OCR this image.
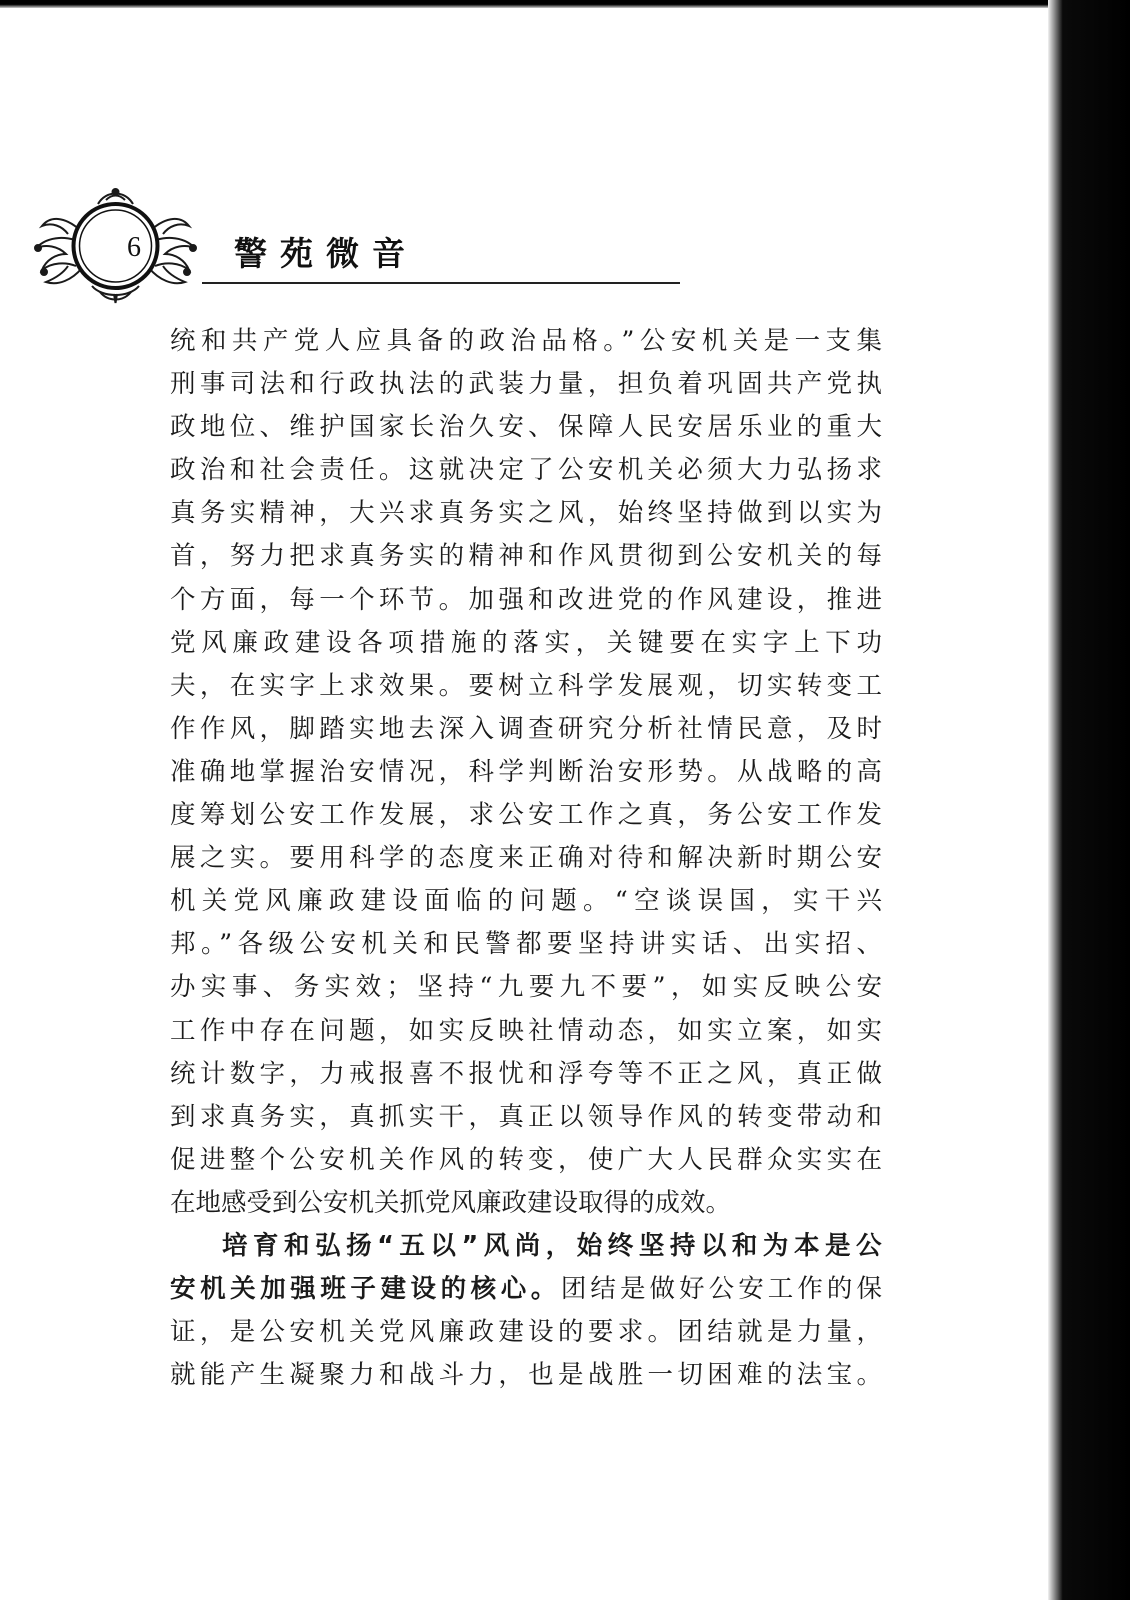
6	警苑微音
统和共产党人应具备的政治品格。”公安机关是一支集
刑事司法和行政执法的武装力量，担负着巩固共产党执
政地位、维护国家长治久安、保障人民安居乐业的重大
政治和社会责任。这就决定了公安机关必须大力弘扬求
真务实精神，大兴求真务实之风，始终坚持做到以实为
首，努力把求真务实的精神和作风贯彻到公安机关的每
个方面，每一个环节。加强和改进党的作风建设，推进
党风廉政建设各项措施的落实，关键要在实字上下功
夫，在实字上求效果。要树立科学发展观，切实转变工
作作风，脚踏实地去深入调查研究分析社情民意，及时
准确地掌握治安情况，科学判断治安形势。从战略的高
度筹划公安工作发展，求公安工作之真，务公安工作发
展之实。要用科学的态度来正确对待和解决新时期公安
机关党风廉政建设面临的问题。“空谈误国，实干兴
邦。”各级公安机关和民警都要坚持讲实话、出实招、
办实事、务实效；坚持“九要九不要”，如实反映公安
工作中存在问题，如实反映社情动态，如实立案，如实
统计数字，力戒报喜不报忧和浮夸等不正之风，真正做
到求真务实，真抓实干，真正以领导作风的转变带动和
促进整个公安机关作风的转变，使广大人民群众实实在
在地感受到公安机关抓党风廉政建设取得的成效。
培育和弘扬“五以”风尚，始终坚持以和为本是公
安机关加强班子建设的核心。团结是做好公安工作的保
证，是公安机关党风廉政建设的要求。团结就是力量，
就能产生凝聚力和战斗力，也是战胜一切困难的法宝。
